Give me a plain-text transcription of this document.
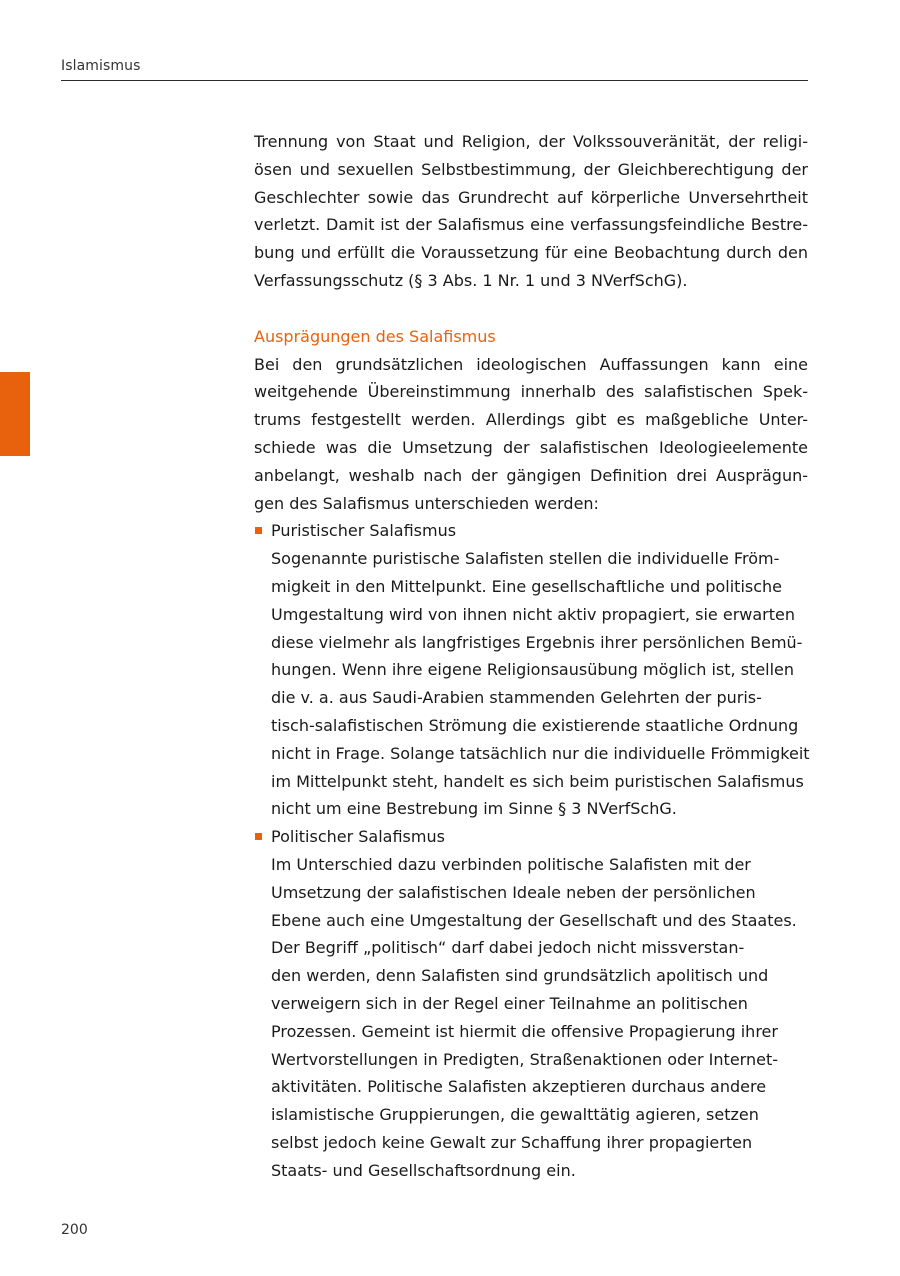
Islamismus
Trennung von Staat und Religion, der Volkssouveränität, der religi-
ösen und sexuellen Selbstbestimmung, der Gleichberechtigung der
Geschlechter sowie das Grundrecht auf körperliche Unversehrtheit
verletzt. Damit ist der Salafismus eine verfassungsfeindliche Bestre-
bung und erfüllt die Voraussetzung für eine Beobachtung durch den
Verfassungsschutz (§ 3 Abs. 1 Nr. 1 und 3 NVerfSchG).
Ausprägungen des Salafismus
Bei den grundsätzlichen ideologischen Auffassungen kann eine
weitgehende Übereinstimmung innerhalb des salafistischen Spek-
trums festgestellt werden. Allerdings gibt es maßgebliche Unter-
schiede was die Umsetzung der salafistischen Ideologieelemente
anbelangt, weshalb nach der gängigen Definition drei Ausprägun-
gen des Salafismus unterschieden werden:
Puristischer Salafismus
Sogenannte puristische Salafisten stellen die individuelle Fröm-
migkeit in den Mittelpunkt. Eine gesellschaftliche und politische
Umgestaltung wird von ihnen nicht aktiv propagiert, sie erwarten
diese vielmehr als langfristiges Ergebnis ihrer persönlichen Bemü-
hungen. Wenn ihre eigene Religionsausübung möglich ist, stellen
die v. a. aus Saudi-Arabien stammenden Gelehrten der puris-
tisch-salafistischen Strömung die existierende staatliche Ordnung
nicht in Frage. Solange tatsächlich nur die individuelle Frömmigkeit
im Mittelpunkt steht, handelt es sich beim puristischen Salafismus
nicht um eine Bestrebung im Sinne § 3 NVerfSchG.
Politischer Salafismus
Im Unterschied dazu verbinden politische Salafisten mit der
Umsetzung der salafistischen Ideale neben der persönlichen
Ebene auch eine Umgestaltung der Gesellschaft und des Staates.
Der Begriff „politisch“ darf dabei jedoch nicht missverstan-
den werden, denn Salafisten sind grundsätzlich apolitisch und
verweigern sich in der Regel einer Teilnahme an politischen
Prozessen. Gemeint ist hiermit die offensive Propagierung ihrer
Wertvorstellungen in Predigten, Straßenaktionen oder Internet-
aktivitäten. Politische Salafisten akzeptieren durchaus andere
islamistische Gruppierungen, die gewalttätig agieren, setzen
selbst jedoch keine Gewalt zur Schaffung ihrer propagierten
Staats- und Gesellschaftsordnung ein.
200
